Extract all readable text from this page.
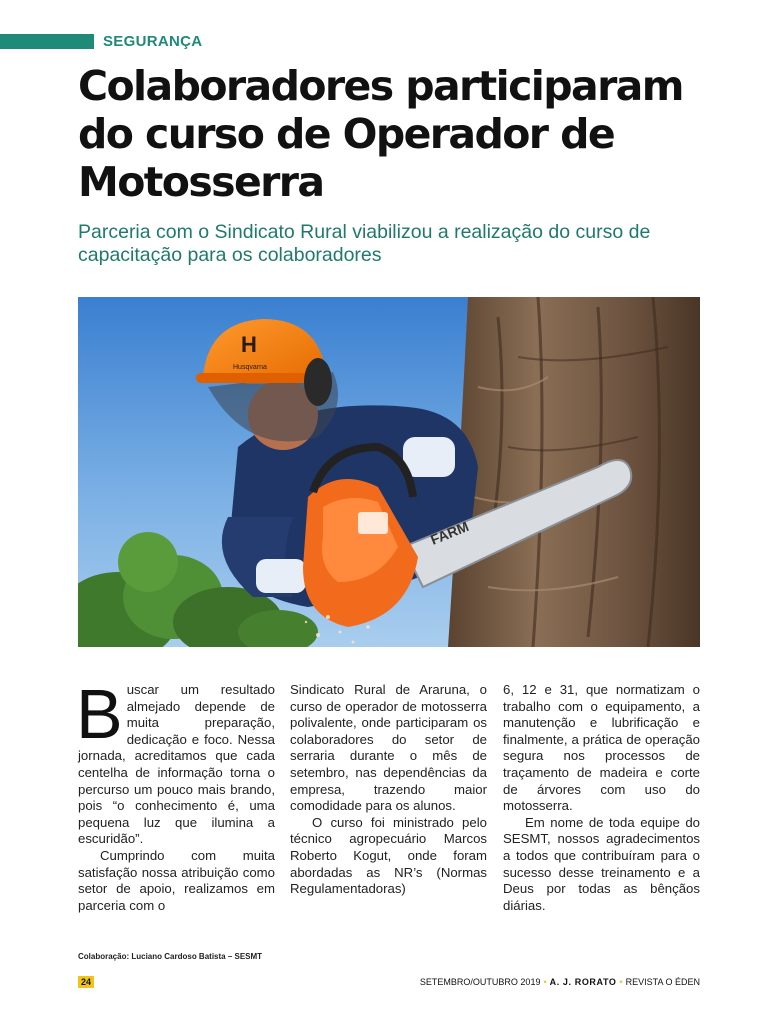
SEGURANÇA
Colaboradores participaram do curso de Operador de Motosserra
Parceria com o Sindicato Rural viabilizou a realização do curso de capacitação para os colaboradores
H
Husqvarna
FARM

Buscar um resultado almejado depende de muita preparação, dedicação e foco. Nessa jornada, acreditamos que cada centelha de informação torna o percurso um pouco mais brando, pois “o conhecimento é, uma pequena luz que ilumina a escuridão”.

Cumprindo com muita satisfação nossa atribuição como setor de apoio, realizamos em parceria com o

Sindicato Rural de Araruna, o curso de operador de motosserra polivalente, onde participaram os colaboradores do setor de serraria durante o mês de setembro, nas dependências da empresa, trazendo maior comodidade para os alunos.

O curso foi ministrado pelo técnico agropecuário Marcos Roberto Kogut, onde foram abordadas as NR’s (Normas Regulamentadoras)

6, 12 e 31, que normatizam o trabalho com o equipamento, a manutenção e lubrificação e finalmente, a prática de operação segura nos processos de traçamento de madeira e corte de árvores com uso do motosserra.

Em nome de toda equipe do SESMT, nossos agradecimentos a todos que contribuíram para o sucesso desse treinamento e a Deus por todas as bênçãos diárias.

Colaboração: Luciano Cardoso Batista – SESMT
24	SETEMBRO/OUTUBRO 2019 • A. J. RORATO • REVISTA O ÉDEN
